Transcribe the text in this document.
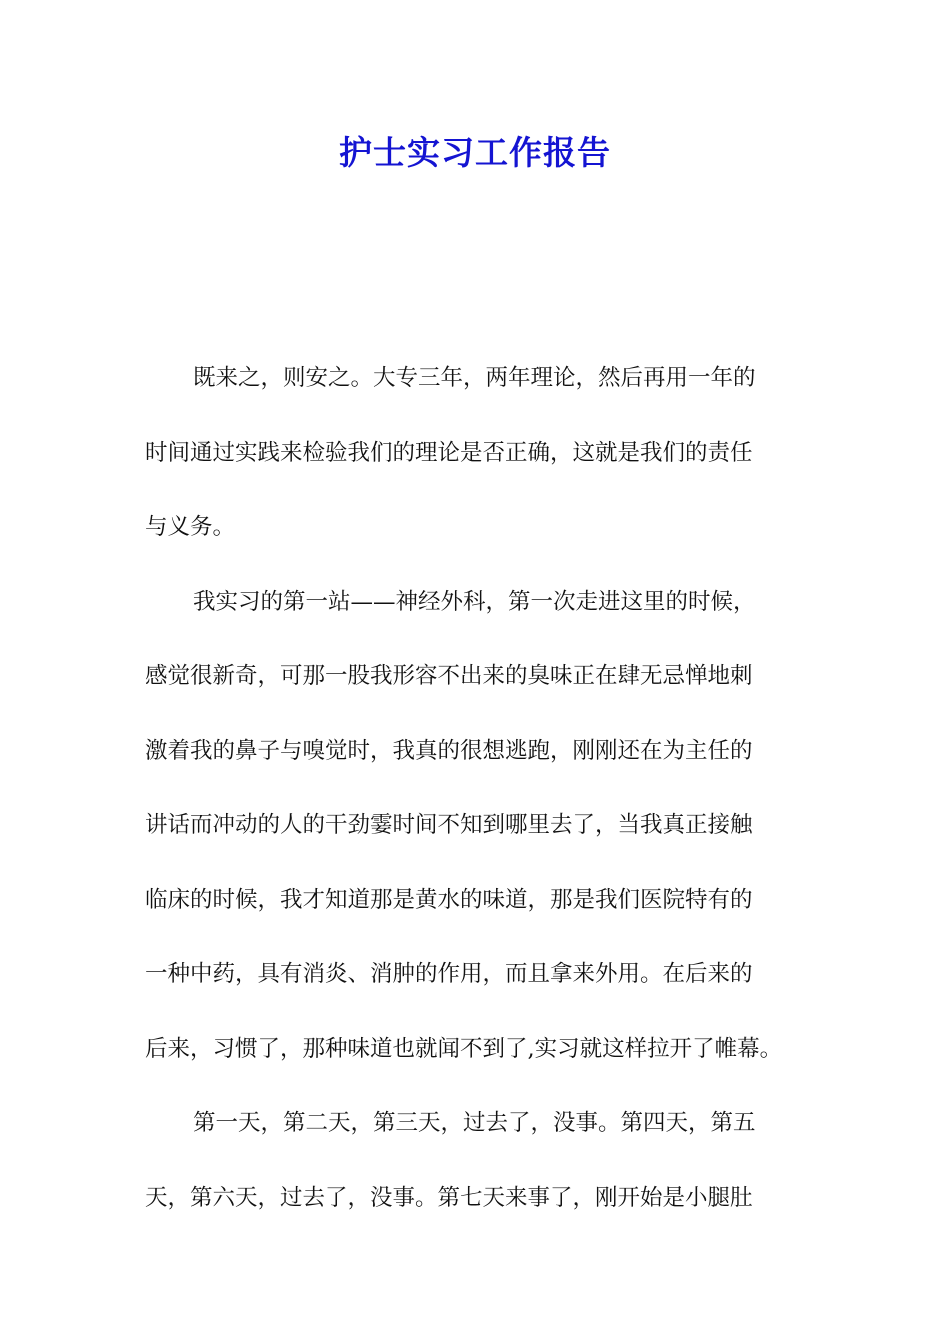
护士实习工作报告
既来之，则安之。大专三年，两年理论，然后再用一年的
时间通过实践来检验我们的理论是否正确，这就是我们的责任
与义务。
我实习的第一站——神经外科，第一次走进这里的时候，
感觉很新奇，可那一股我形容不出来的臭味正在肆无忌惮地刺
激着我的鼻子与嗅觉时，我真的很想逃跑，刚刚还在为主任的
讲话而冲动的人的干劲霎时间不知到哪里去了，当我真正接触
临床的时候，我才知道那是黄水的味道，那是我们医院特有的
一种中药，具有消炎、消肿的作用，而且拿来外用。在后来的
后来，习惯了，那种味道也就闻不到了,实习就这样拉开了帷幕。
第一天，第二天，第三天，过去了，没事。第四天，第五
天，第六天，过去了，没事。第七天来事了，刚开始是小腿肚
